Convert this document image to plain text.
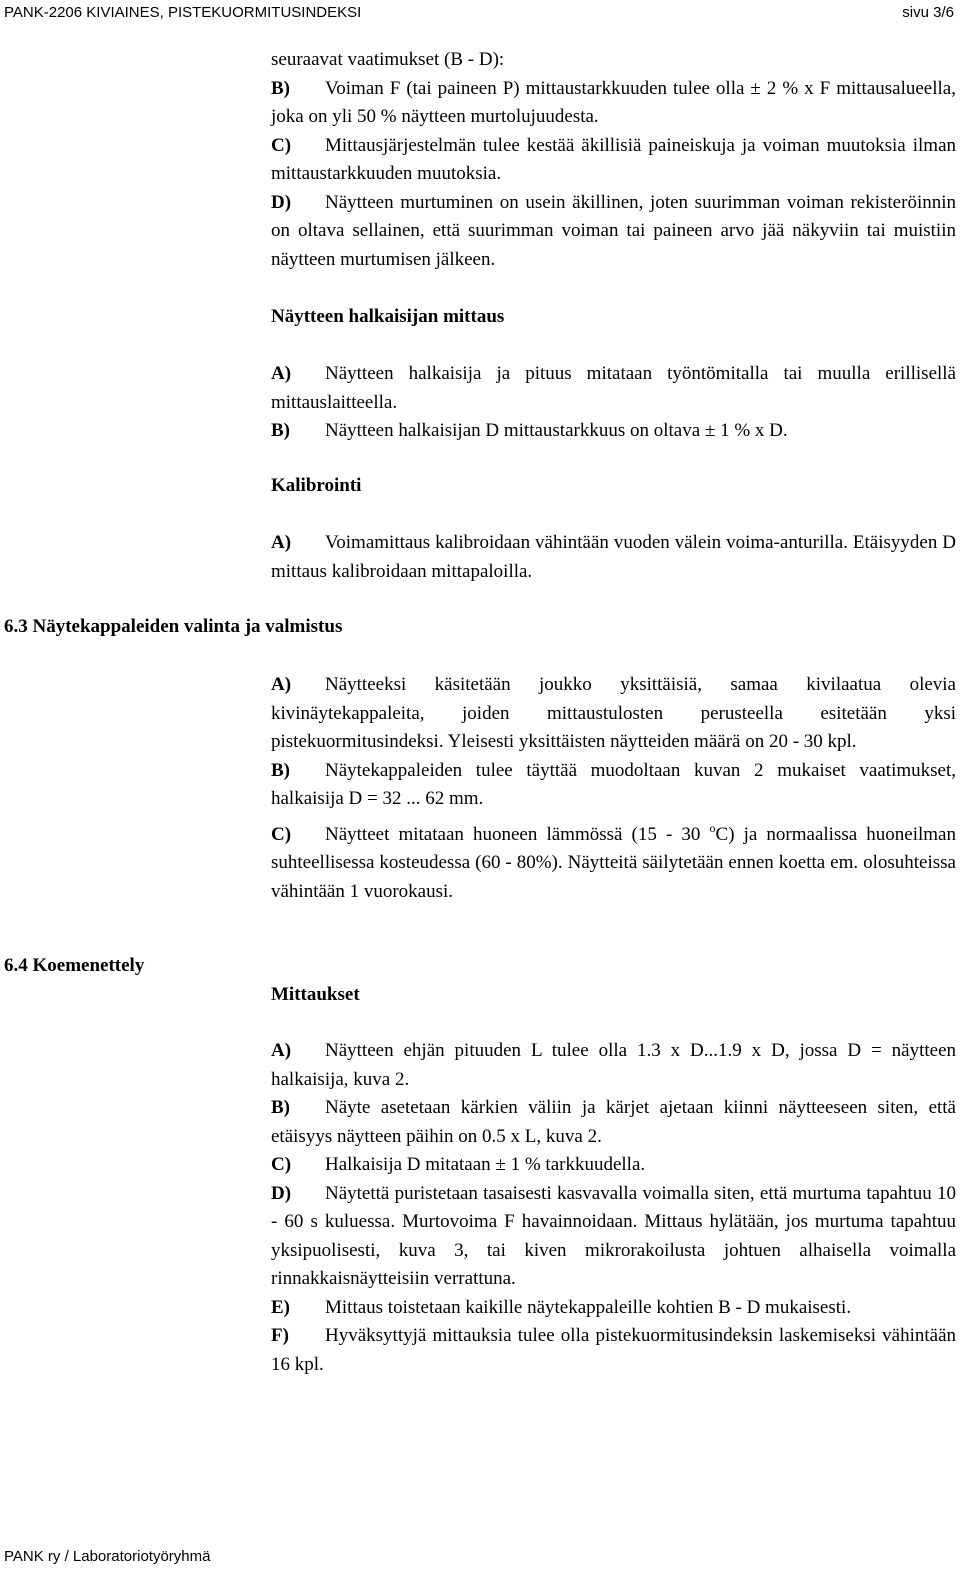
PANK-2206 KIVIAINES, PISTEKUORMITUSINDEKSI	sivu 3/6

seuraavat vaatimukset (B - D):

B) Voiman F (tai paineen P) mittaustarkkuuden tulee olla ± 2 % x F mittausalueella, joka on yli 50 % näytteen murtolujuudesta.

C) Mittausjärjestelmän tulee kestää äkillisiä paineiskuja ja voiman muutoksia ilman mittaustarkkuuden muutoksia.

D) Näytteen murtuminen on usein äkillinen, joten suurimman voiman rekisteröinnin on oltava sellainen, että suurimman voiman tai paineen arvo jää näkyviin tai muistiin näytteen murtumisen jälkeen.

Näytteen halkaisijan mittaus

A) Näytteen halkaisija ja pituus mitataan työntömitalla tai muulla erillisellä mittauslaitteella.

B) Näytteen halkaisijan D mittaustarkkuus on oltava ± 1 % x D.

Kalibrointi

A) Voimamittaus kalibroidaan vähintään vuoden välein voima-anturilla. Etäisyyden D mittaus kalibroidaan mittapaloilla.

6.3 Näytekappaleiden valinta ja valmistus

A) Näytteeksi käsitetään joukko yksittäisiä, samaa kivilaatua olevia kivinäytekappaleita, joiden mittaustulosten perusteella esitetään yksi pistekuormitusindeksi. Yleisesti yksittäisten näytteiden määrä on 20 - 30 kpl.

B) Näytekappaleiden tulee täyttää muodoltaan kuvan 2 mukaiset vaatimukset, halkaisija D = 32 ... 62 mm.

C) Näytteet mitataan huoneen lämmössä (15 - 30 $^o$C) ja normaalissa huoneilman suhteellisessa kosteudessa (60 - 80%). Näytteitä säilytetään ennen koetta em. olosuhteissa vähintään 1 vuorokausi.

6.4 Koemenettely
Mittaukset

A) Näytteen ehjän pituuden L tulee olla 1.3 x D...1.9 x D, jossa D = näytteen halkaisija, kuva 2.

B) Näyte asetetaan kärkien väliin ja kärjet ajetaan kiinni näytteeseen siten, että etäisyys näytteen päihin on 0.5 x L, kuva 2.

C) Halkaisija D mitataan ± 1 % tarkkuudella.

D) Näytettä puristetaan tasaisesti kasvavalla voimalla siten, että murtuma tapahtuu 10 - 60 s kuluessa. Murtovoima F havainnoidaan. Mittaus hylätään, jos murtuma tapahtuu yksipuolisesti, kuva 3, tai kiven mikrorakoilusta johtuen alhaisella voimalla rinnakkaisnäytteisiin verrattuna.

E) Mittaus toistetaan kaikille näytekappaleille kohtien B - D mukaisesti.

F) Hyväksyttyjä mittauksia tulee olla pistekuormitusindeksin laskemiseksi vähintään 16 kpl.

PANK ry / Laboratoriotyöryhmä
